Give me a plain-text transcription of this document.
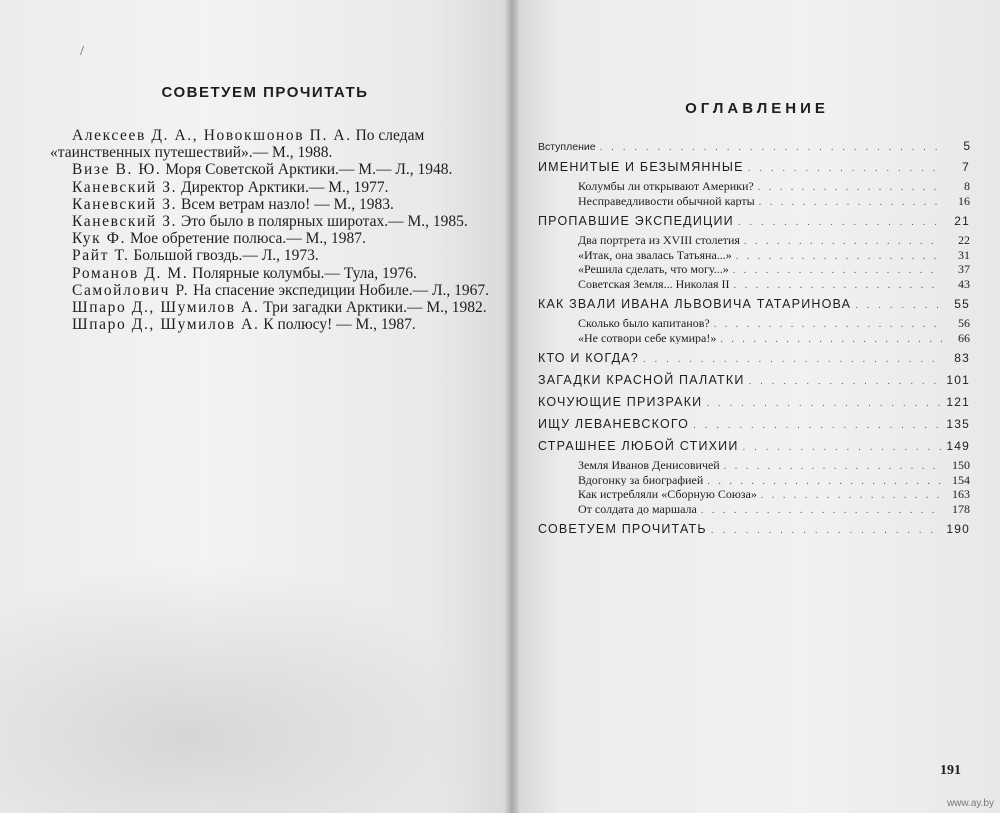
/
СОВЕТУЕМ ПРОЧИТАТЬ
Алексеев Д. А., Новокшонов П. А. По следам «таинственных путешествий».— М., 1988.
Визе В. Ю. Моря Советской Арктики.— М.— Л., 1948.
Каневский З. Директор Арктики.— М., 1977.
Каневский З. Всем ветрам назло! — М., 1983.
Каневский З. Это было в полярных широтах.— М., 1985.
Кук Ф. Мое обретение полюса.— М., 1987.
Райт Т. Большой гвоздь.— Л., 1973.
Романов Д. М. Полярные колумбы.— Тула, 1976.
Самойлович Р. На спасение экспедиции Нобиле.— Л., 1967.
Шпаро Д., Шумилов А. Три загадки Арктики.— М., 1982.
Шпаро Д., Шумилов А. К полюсу! — М., 1987.
ОГЛАВЛЕНИЕ
Вступление . . .	5
ИМЕНИТЫЕ И БЕЗЫМЯННЫЕ . . .	7
Колумбы ли открывают Америки? . . .	8
Несправедливости обычной карты . . .	16
ПРОПАВШИЕ ЭКСПЕДИЦИИ . . .	21
Два портрета из XVIII столетия . . .	22
«Итак, она звалась Татьяна...» . . .	31
«Решила сделать, что могу...» . . .	37
Советская Земля... Николая II . . .	43
КАК ЗВАЛИ ИВАНА ЛЬВОВИЧА ТАТАРИНОВА . . .	55
Сколько было капитанов? . . .	56
«Не сотвори себе кумира!» . . .	66
КТО И КОГДА? . . .	83
ЗАГАДКИ КРАСНОЙ ПАЛАТКИ . . .	101
КОЧУЮЩИЕ ПРИЗРАКИ . . .	121
ИЩУ ЛЕВАНЕВСКОГО . . .	135
СТРАШНЕЕ ЛЮБОЙ СТИХИИ . . .	149
Земля Иванов Денисовичей . . .	150
Вдогонку за биографией . . .	154
Как истребляли «Сборную Союза» . . .	163
От солдата до маршала . . .	178
СОВЕТУЕМ ПРОЧИТАТЬ . . .	190
191
www.ay.by
